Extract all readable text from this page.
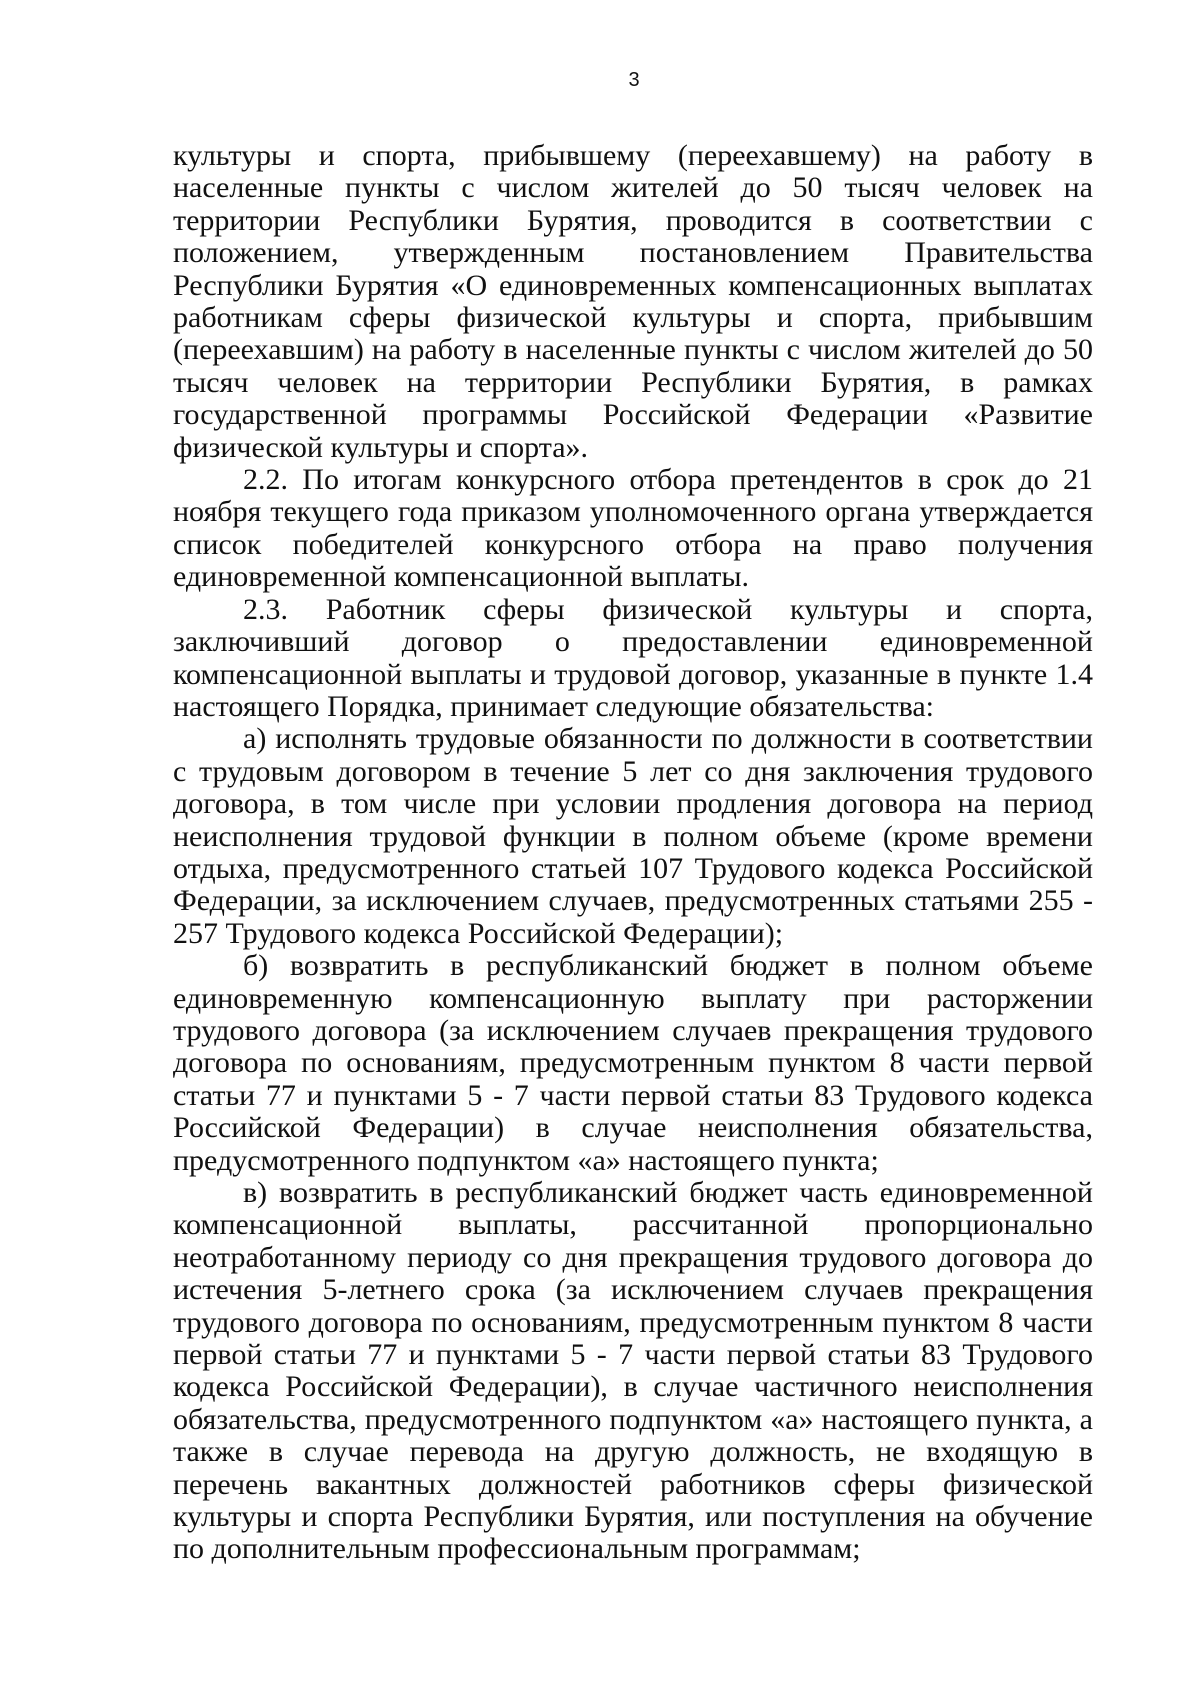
3

культуры и спорта, прибывшему (переехавшему) на работу в населенные пункты с числом жителей до 50 тысяч человек на территории Республики Бурятия, проводится в соответствии с положением, утвержденным постановлением Правительства Республики Бурятия «О единовременных компенсационных выплатах работникам сферы физической культуры и спорта, прибывшим (переехавшим) на работу в населенные пункты с числом жителей до 50 тысяч человек на территории Республики Бурятия, в рамках государственной программы Российской Федерации «Развитие физической культуры и спорта».

2.2. По итогам конкурсного отбора претендентов в срок до 21 ноября текущего года приказом уполномоченного органа утверждается список победителей конкурсного отбора на право получения единовременной компенсационной выплаты.

2.3. Работник сферы физической культуры и спорта, заключивший договор о предоставлении единовременной компенсационной выплаты и трудовой договор, указанные в пункте 1.4 настоящего Порядка, принимает следующие обязательства:

а) исполнять трудовые обязанности по должности в соответствии с трудовым договором в течение 5 лет со дня заключения трудового договора, в том числе при условии продления договора на период неисполнения трудовой функции в полном объеме (кроме времени отдыха, предусмотренного статьей 107 Трудового кодекса Российской Федерации, за исключением случаев, предусмотренных статьями 255 - 257 Трудового кодекса Российской Федерации);

б) возвратить в республиканский бюджет в полном объеме единовременную компенсационную выплату при расторжении трудового договора (за исключением случаев прекращения трудового договора по основаниям, предусмотренным пунктом 8 части первой статьи 77 и пунктами 5 - 7 части первой статьи 83 Трудового кодекса Российской Федерации) в случае неисполнения обязательства, предусмотренного подпунктом «а» настоящего пункта;

в) возвратить в республиканский бюджет часть единовременной компенсационной выплаты, рассчитанной пропорционально неотработанному периоду со дня прекращения трудового договора до истечения 5-летнего срока (за исключением случаев прекращения трудового договора по основаниям, предусмотренным пунктом 8 части первой статьи 77 и пунктами 5 - 7 части первой статьи 83 Трудового кодекса Российской Федерации), в случае частичного неисполнения обязательства, предусмотренного подпунктом «а» настоящего пункта, а также в случае перевода на другую должность, не входящую в перечень вакантных должностей работников сферы физической культуры и спорта Республики Бурятия, или поступления на обучение по дополнительным профессиональным программам;
